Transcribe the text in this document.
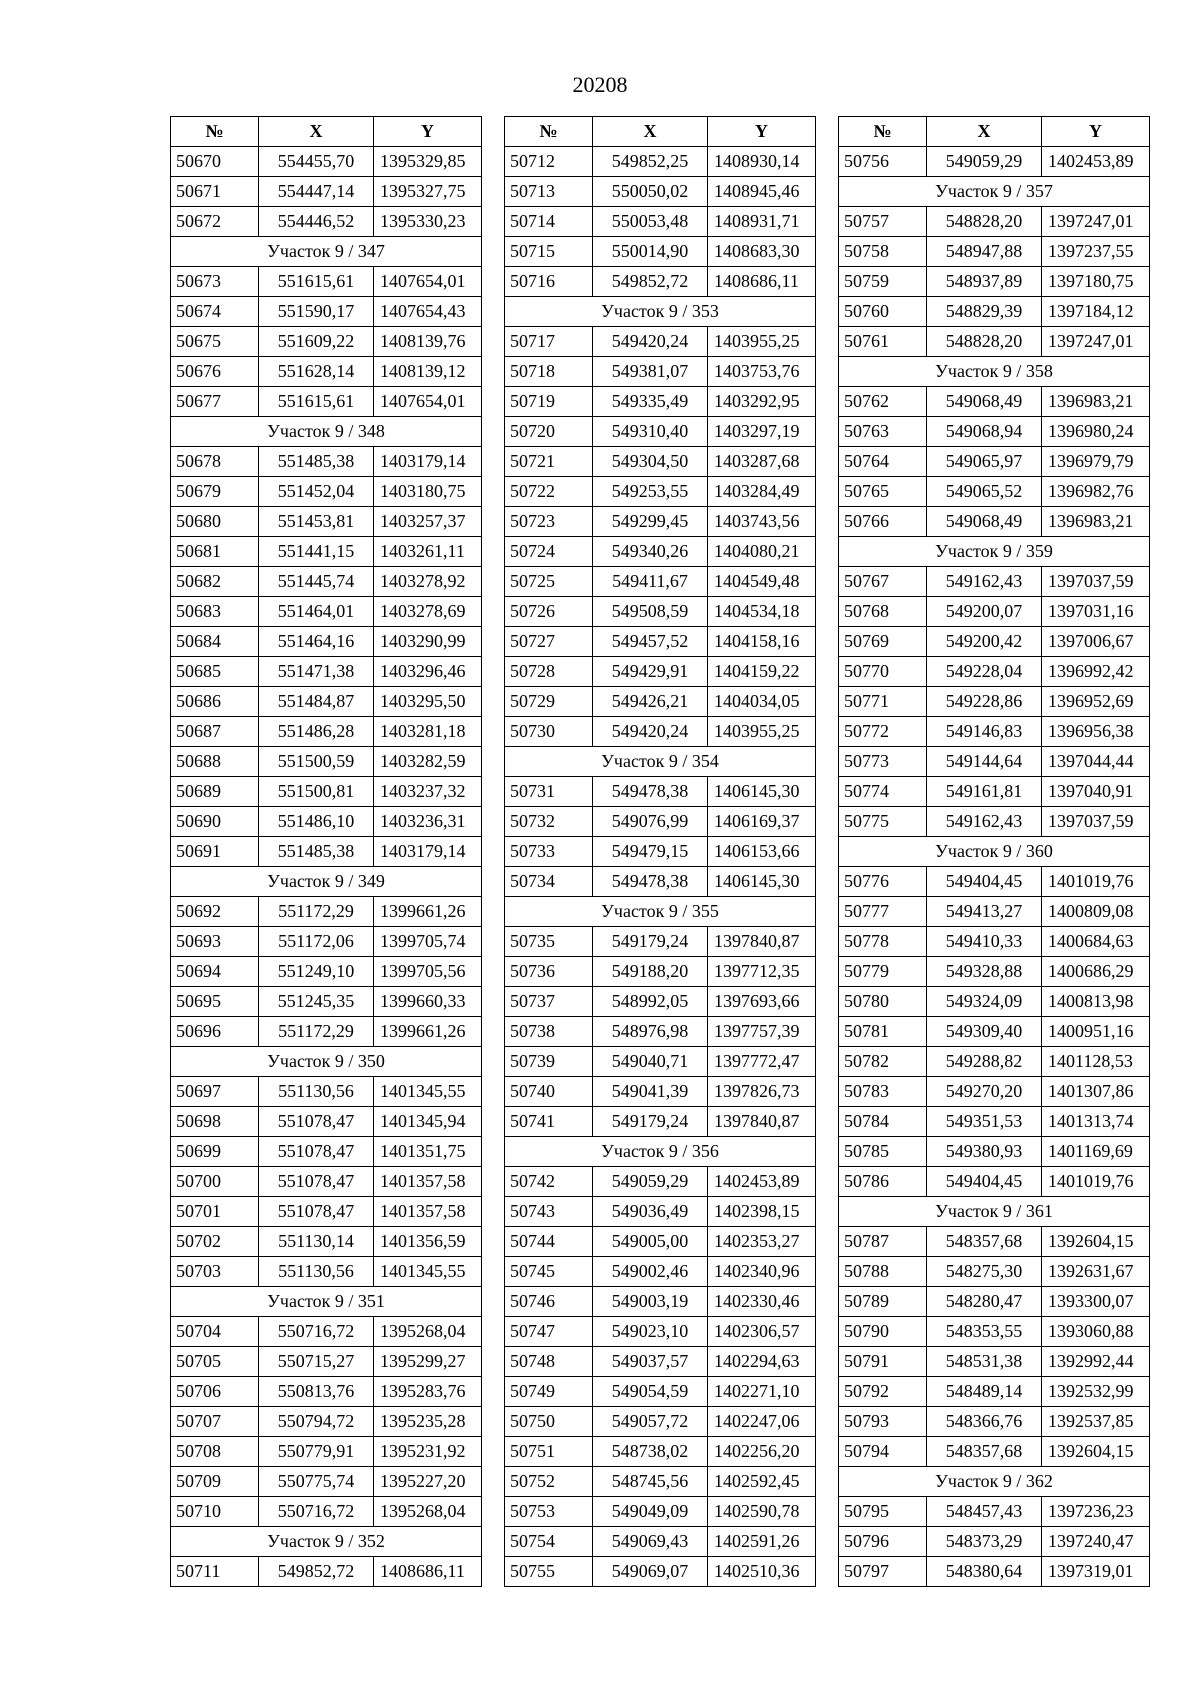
20208
№	X	Y
50670	554455,70	1395329,85
50671	554447,14	1395327,75
50672	554446,52	1395330,23
Участок 9 / 347		
50673	551615,61	1407654,01
50674	551590,17	1407654,43
50675	551609,22	1408139,76
50676	551628,14	1408139,12
50677	551615,61	1407654,01
Участок 9 / 348		
50678	551485,38	1403179,14
50679	551452,04	1403180,75
50680	551453,81	1403257,37
50681	551441,15	1403261,11
50682	551445,74	1403278,92
50683	551464,01	1403278,69
50684	551464,16	1403290,99
50685	551471,38	1403296,46
50686	551484,87	1403295,50
50687	551486,28	1403281,18
50688	551500,59	1403282,59
50689	551500,81	1403237,32
50690	551486,10	1403236,31
50691	551485,38	1403179,14
Участок 9 / 349		
50692	551172,29	1399661,26
50693	551172,06	1399705,74
50694	551249,10	1399705,56
50695	551245,35	1399660,33
50696	551172,29	1399661,26
Участок 9 / 350		
50697	551130,56	1401345,55
50698	551078,47	1401345,94
50699	551078,47	1401351,75
50700	551078,47	1401357,58
50701	551078,47	1401357,58
50702	551130,14	1401356,59
50703	551130,56	1401345,55
Участок 9 / 351		
50704	550716,72	1395268,04
50705	550715,27	1395299,27
50706	550813,76	1395283,76
50707	550794,72	1395235,28
50708	550779,91	1395231,92
50709	550775,74	1395227,20
50710	550716,72	1395268,04
Участок 9 / 352		
50711	549852,72	1408686,11
№	X	Y
50712	549852,25	1408930,14
50713	550050,02	1408945,46
50714	550053,48	1408931,71
50715	550014,90	1408683,30
50716	549852,72	1408686,11
Участок 9 / 353		
50717	549420,24	1403955,25
50718	549381,07	1403753,76
50719	549335,49	1403292,95
50720	549310,40	1403297,19
50721	549304,50	1403287,68
50722	549253,55	1403284,49
50723	549299,45	1403743,56
50724	549340,26	1404080,21
50725	549411,67	1404549,48
50726	549508,59	1404534,18
50727	549457,52	1404158,16
50728	549429,91	1404159,22
50729	549426,21	1404034,05
50730	549420,24	1403955,25
Участок 9 / 354		
50731	549478,38	1406145,30
50732	549076,99	1406169,37
50733	549479,15	1406153,66
50734	549478,38	1406145,30
Участок 9 / 355		
50735	549179,24	1397840,87
50736	549188,20	1397712,35
50737	548992,05	1397693,66
50738	548976,98	1397757,39
50739	549040,71	1397772,47
50740	549041,39	1397826,73
50741	549179,24	1397840,87
Участок 9 / 356		
50742	549059,29	1402453,89
50743	549036,49	1402398,15
50744	549005,00	1402353,27
50745	549002,46	1402340,96
50746	549003,19	1402330,46
50747	549023,10	1402306,57
50748	549037,57	1402294,63
50749	549054,59	1402271,10
50750	549057,72	1402247,06
50751	548738,02	1402256,20
50752	548745,56	1402592,45
50753	549049,09	1402590,78
50754	549069,43	1402591,26
50755	549069,07	1402510,36
№	X	Y
50756	549059,29	1402453,89
Участок 9 / 357		
50757	548828,20	1397247,01
50758	548947,88	1397237,55
50759	548937,89	1397180,75
50760	548829,39	1397184,12
50761	548828,20	1397247,01
Участок 9 / 358		
50762	549068,49	1396983,21
50763	549068,94	1396980,24
50764	549065,97	1396979,79
50765	549065,52	1396982,76
50766	549068,49	1396983,21
Участок 9 / 359		
50767	549162,43	1397037,59
50768	549200,07	1397031,16
50769	549200,42	1397006,67
50770	549228,04	1396992,42
50771	549228,86	1396952,69
50772	549146,83	1396956,38
50773	549144,64	1397044,44
50774	549161,81	1397040,91
50775	549162,43	1397037,59
Участок 9 / 360		
50776	549404,45	1401019,76
50777	549413,27	1400809,08
50778	549410,33	1400684,63
50779	549328,88	1400686,29
50780	549324,09	1400813,98
50781	549309,40	1400951,16
50782	549288,82	1401128,53
50783	549270,20	1401307,86
50784	549351,53	1401313,74
50785	549380,93	1401169,69
50786	549404,45	1401019,76
Участок 9 / 361		
50787	548357,68	1392604,15
50788	548275,30	1392631,67
50789	548280,47	1393300,07
50790	548353,55	1393060,88
50791	548531,38	1392992,44
50792	548489,14	1392532,99
50793	548366,76	1392537,85
50794	548357,68	1392604,15
Участок 9 / 362		
50795	548457,43	1397236,23
50796	548373,29	1397240,47
50797	548380,64	1397319,01
